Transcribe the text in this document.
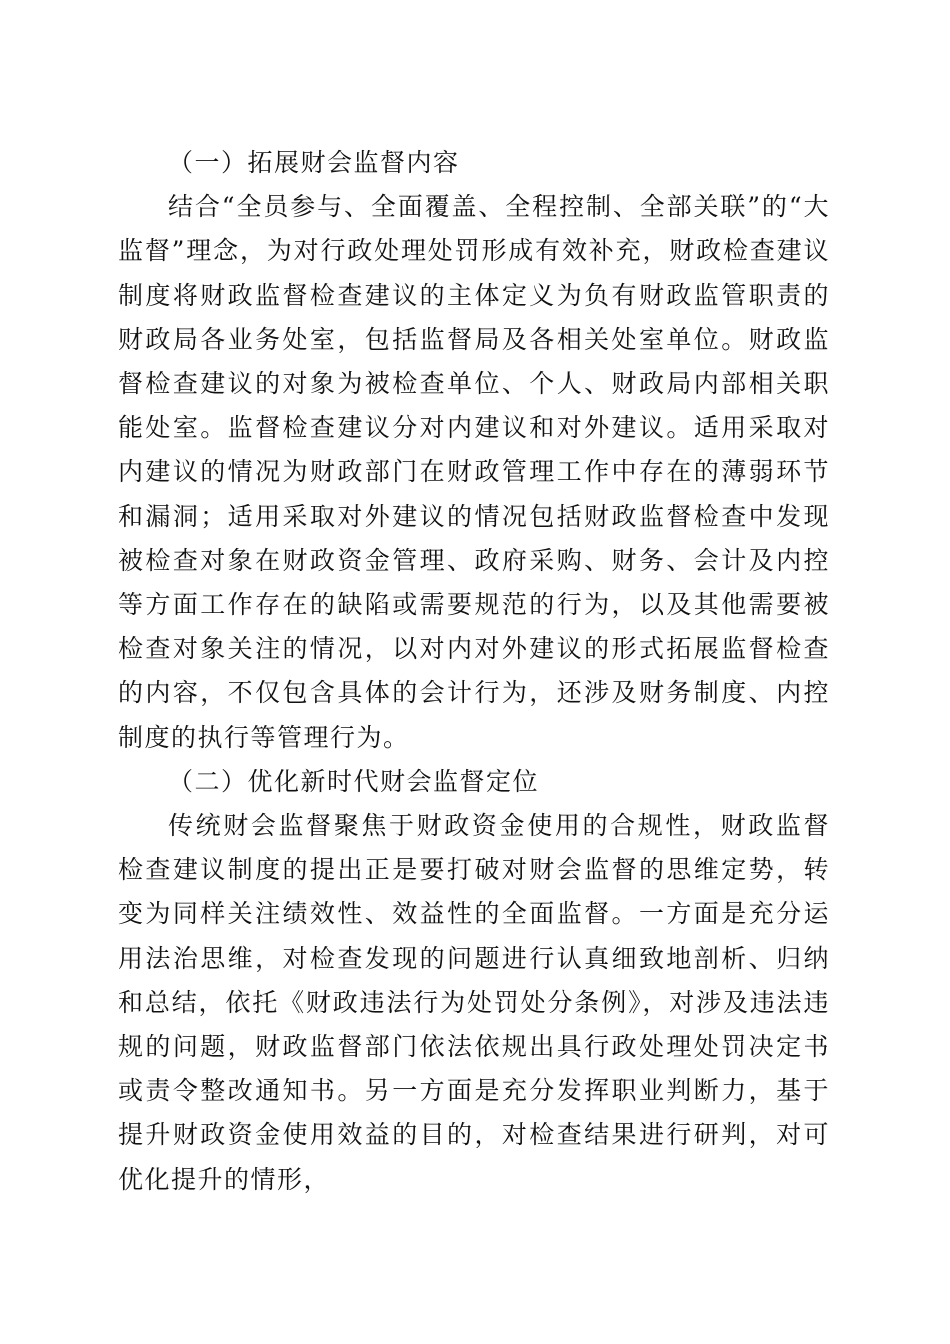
（一）拓展财会监督内容

结合“全员参与、全面覆盖、全程控制、全部关联”的“大监督”理念，为对行政处理处罚形成有效补充，财政检查建议制度将财政监督检查建议的主体定义为负有财政监管职责的财政局各业务处室，包括监督局及各相关处室单位。财政监督检查建议的对象为被检查单位、个人、财政局内部相关职能处室。监督检查建议分对内建议和对外建议。适用采取对内建议的情况为财政部门在财政管理工作中存在的薄弱环节和漏洞；适用采取对外建议的情况包括财政监督检查中发现被检查对象在财政资金管理、政府采购、财务、会计及内控等方面工作存在的缺陷或需要规范的行为，以及其他需要被检查对象关注的情况，以对内对外建议的形式拓展监督检查的内容，不仅包含具体的会计行为，还涉及财务制度、内控制度的执行等管理行为。

（二）优化新时代财会监督定位

传统财会监督聚焦于财政资金使用的合规性，财政监督检查建议制度的提出正是要打破对财会监督的思维定势，转变为同样关注绩效性、效益性的全面监督。一方面是充分运用法治思维，对检查发现的问题进行认真细致地剖析、归纳和总结，依托《财政违法行为处罚处分条例》，对涉及违法违规的问题，财政监督部门依法依规出具行政处理处罚决定书或责令整改通知书。另一方面是充分发挥职业判断力，基于提升财政资金使用效益的目的，对检查结果进行研判，对可优化提升的情形，
